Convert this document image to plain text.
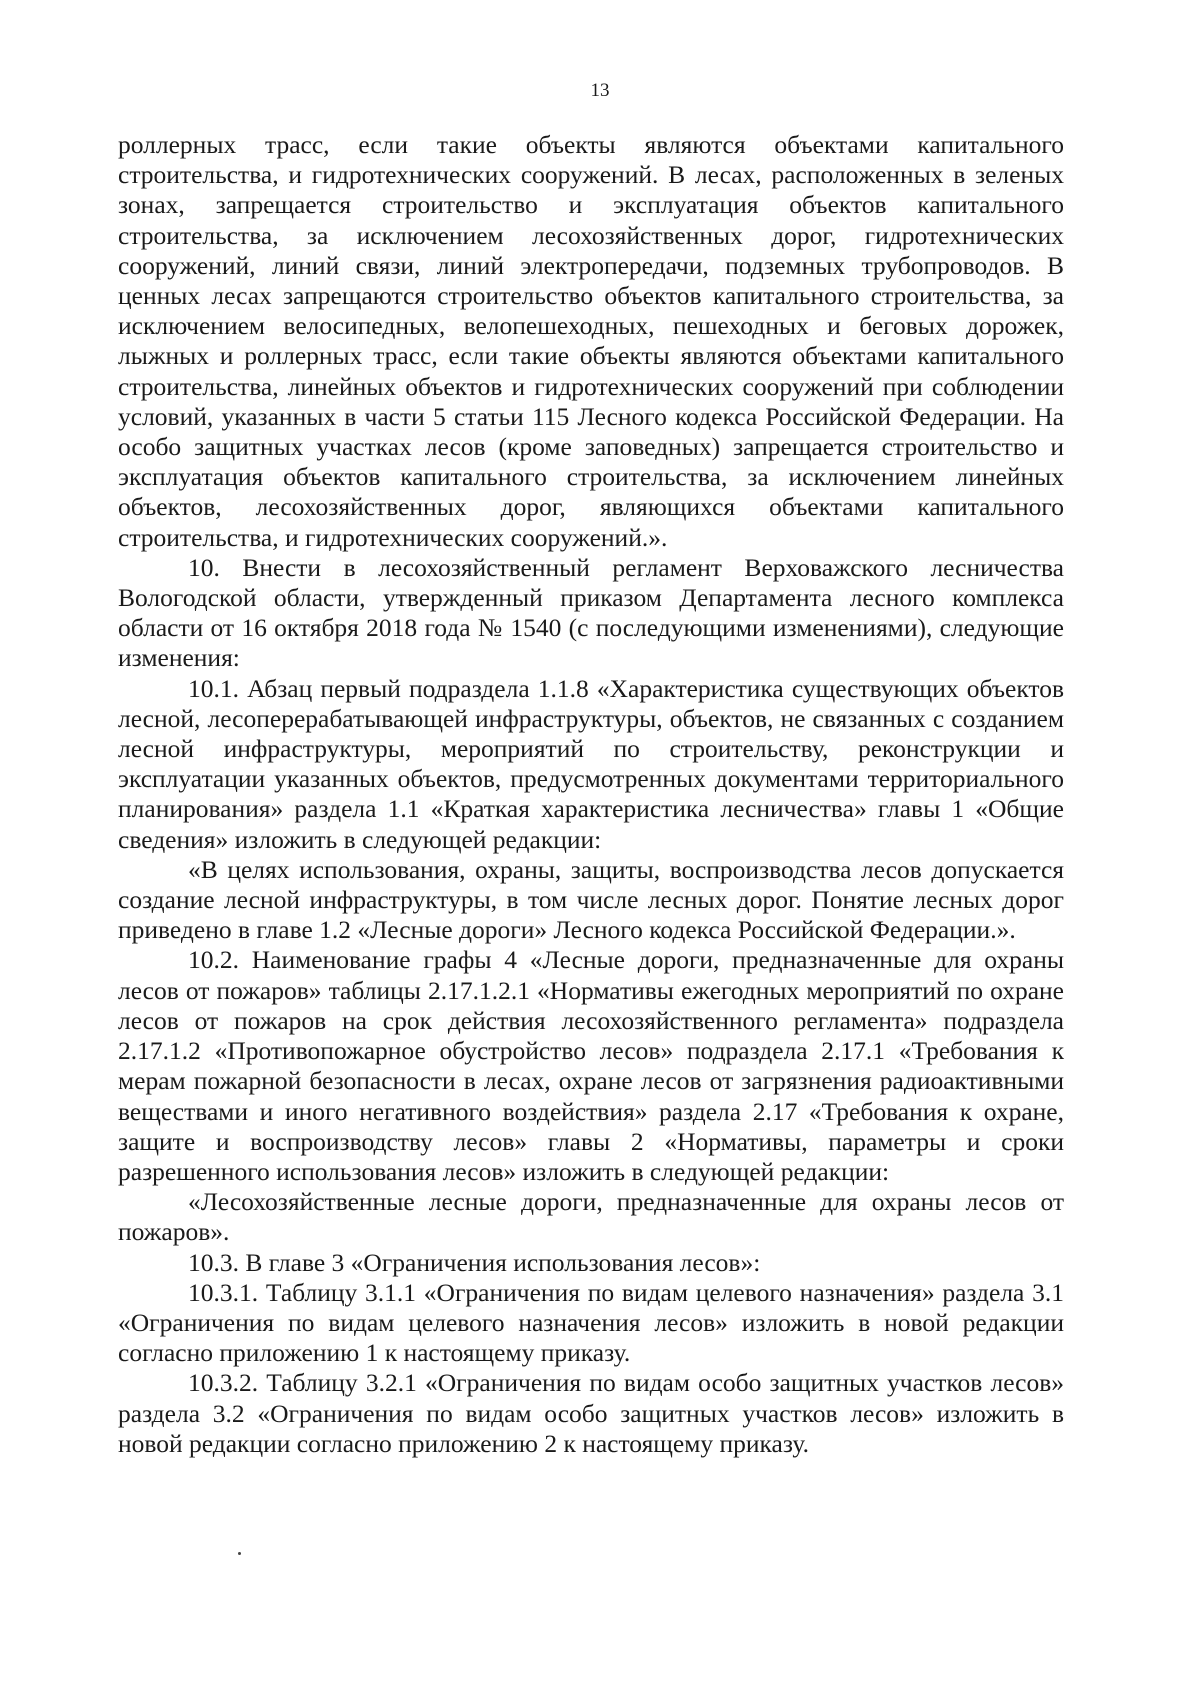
13

роллерных трасс, если такие объекты являются объектами капитального строительства, и гидротехнических сооружений. В лесах, расположенных в зеленых зонах, запрещается строительство и эксплуатация объектов капитального строительства, за исключением лесохозяйственных дорог, гидротехнических сооружений, линий связи, линий электропередачи, подземных трубопроводов. В ценных лесах запрещаются строительство объектов капитального строительства, за исключением велосипедных, велопешеходных, пешеходных и беговых дорожек, лыжных и роллерных трасс, если такие объекты являются объектами капитального строительства, линейных объектов и гидротехнических сооружений при соблюдении условий, указанных в части 5 статьи 115 Лесного кодекса Российской Федерации. На особо защитных участках лесов (кроме заповедных) запрещается строительство и эксплуатация объектов капитального строительства, за исключением линейных объектов, лесохозяйственных дорог, являющихся объектами капитального строительства, и гидротехнических сооружений.».

10. Внести в лесохозяйственный регламент Верховажского лесничества Вологодской области, утвержденный приказом Департамента лесного комплекса области от 16 октября 2018 года № 1540 (с последующими изменениями), следующие изменения:

10.1. Абзац первый подраздела 1.1.8 «Характеристика существующих объектов лесной, лесоперерабатывающей инфраструктуры, объектов, не связанных с созданием лесной инфраструктуры, мероприятий по строительству, реконструкции и эксплуатации указанных объектов, предусмотренных документами территориального планирования» раздела 1.1 «Краткая характеристика лесничества» главы 1 «Общие сведения» изложить в следующей редакции:

«В целях использования, охраны, защиты, воспроизводства лесов допускается создание лесной инфраструктуры, в том числе лесных дорог. Понятие лесных дорог приведено в главе 1.2 «Лесные дороги» Лесного кодекса Российской Федерации.».

10.2. Наименование графы 4 «Лесные дороги, предназначенные для охраны лесов от пожаров» таблицы 2.17.1.2.1 «Нормативы ежегодных мероприятий по охране лесов от пожаров на срок действия лесохозяйственного регламента» подраздела 2.17.1.2 «Противопожарное обустройство лесов» подраздела 2.17.1 «Требования к мерам пожарной безопасности в лесах, охране лесов от загрязнения радиоактивными веществами и иного негативного воздействия» раздела 2.17 «Требования к охране, защите и воспроизводству лесов» главы 2 «Нормативы, параметры и сроки разрешенного использования лесов» изложить в следующей редакции:

«Лесохозяйственные лесные дороги, предназначенные для охраны лесов от пожаров».

10.3. В главе 3 «Ограничения использования лесов»:

10.3.1. Таблицу 3.1.1 «Ограничения по видам целевого назначения» раздела 3.1 «Ограничения по видам целевого назначения лесов» изложить в новой редакции согласно приложению 1 к настоящему приказу.

10.3.2. Таблицу 3.2.1 «Ограничения по видам особо защитных участков лесов» раздела 3.2 «Ограничения по видам особо защитных участков лесов» изложить в новой редакции согласно приложению 2 к настоящему приказу.
